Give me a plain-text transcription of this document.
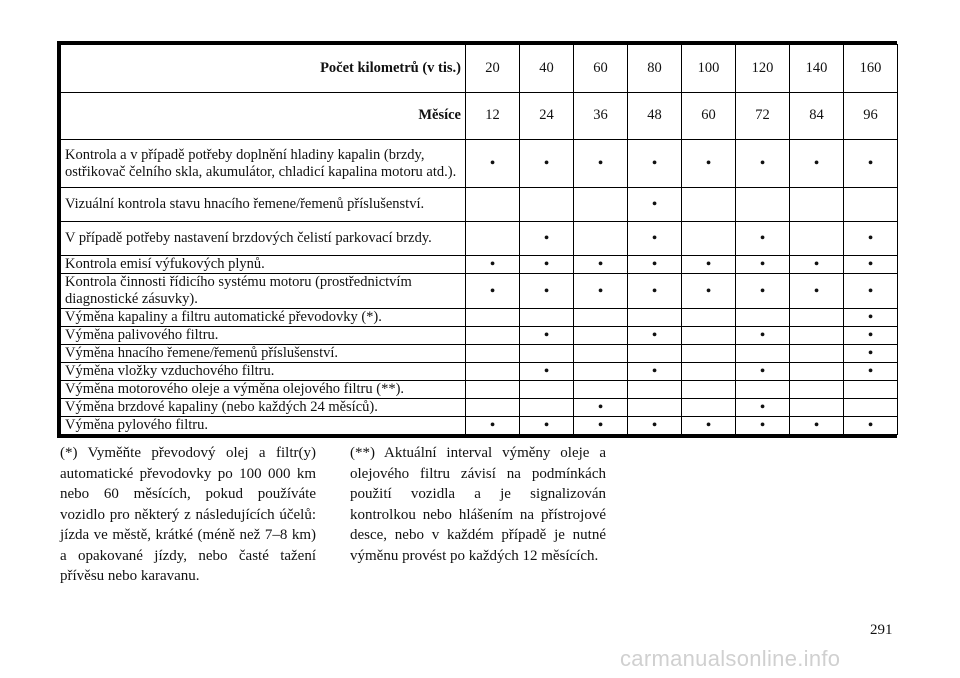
Počet kilometrů (v tis.)	20	40	60	80	100	120	140	160
Měsíce	12	24	36	48	60	72	84	96
Kontrola a v případě potřeby doplnění hladiny kapalin (brzdy, ostřikovač čelního skla, akumulátor, chladicí kapalina motoru atd.).	•	•	•	•	•	•	•	•
Vizuální kontrola stavu hnacího řemene/řemenů příslušenství.				•				
V případě potřeby nastavení brzdových čelistí parkovací brzdy.		•		•		•		•
Kontrola emisí výfukových plynů.	•	•	•	•	•	•	•	•
Kontrola činnosti řídicího systému motoru (prostřednictvím diagnostické zásuvky).	•	•	•	•	•	•	•	•
Výměna kapaliny a filtru automatické převodovky (*).								•
Výměna palivového filtru.		•		•		•		•
Výměna hnacího řemene/řemenů příslušenství.								•
Výměna vložky vzduchového filtru.		•		•		•		•
Výměna motorového oleje a výměna olejového filtru (**).								
Výměna brzdové kapaliny (nebo každých 24 měsíců).			•			•		
Výměna pylového filtru.	•	•	•	•	•	•	•	•
(*) Vyměňte převodový olej a filtr(y) automatické převodovky po 100 000 km nebo 60 měsících, pokud používáte vozidlo pro některý z následujících účelů: jízda ve městě, krátké (méně než 7–8 km) a opakované jízdy, nebo časté tažení přívěsu nebo karavanu.
(**) Aktuální interval výměny oleje a olejového filtru závisí na podmínkách použití vozidla a je signalizován kontrolkou nebo hlášením na přístrojové desce, nebo v každém případě je nutné výměnu provést po každých 12 měsících.
291
carmanualsonline.info
